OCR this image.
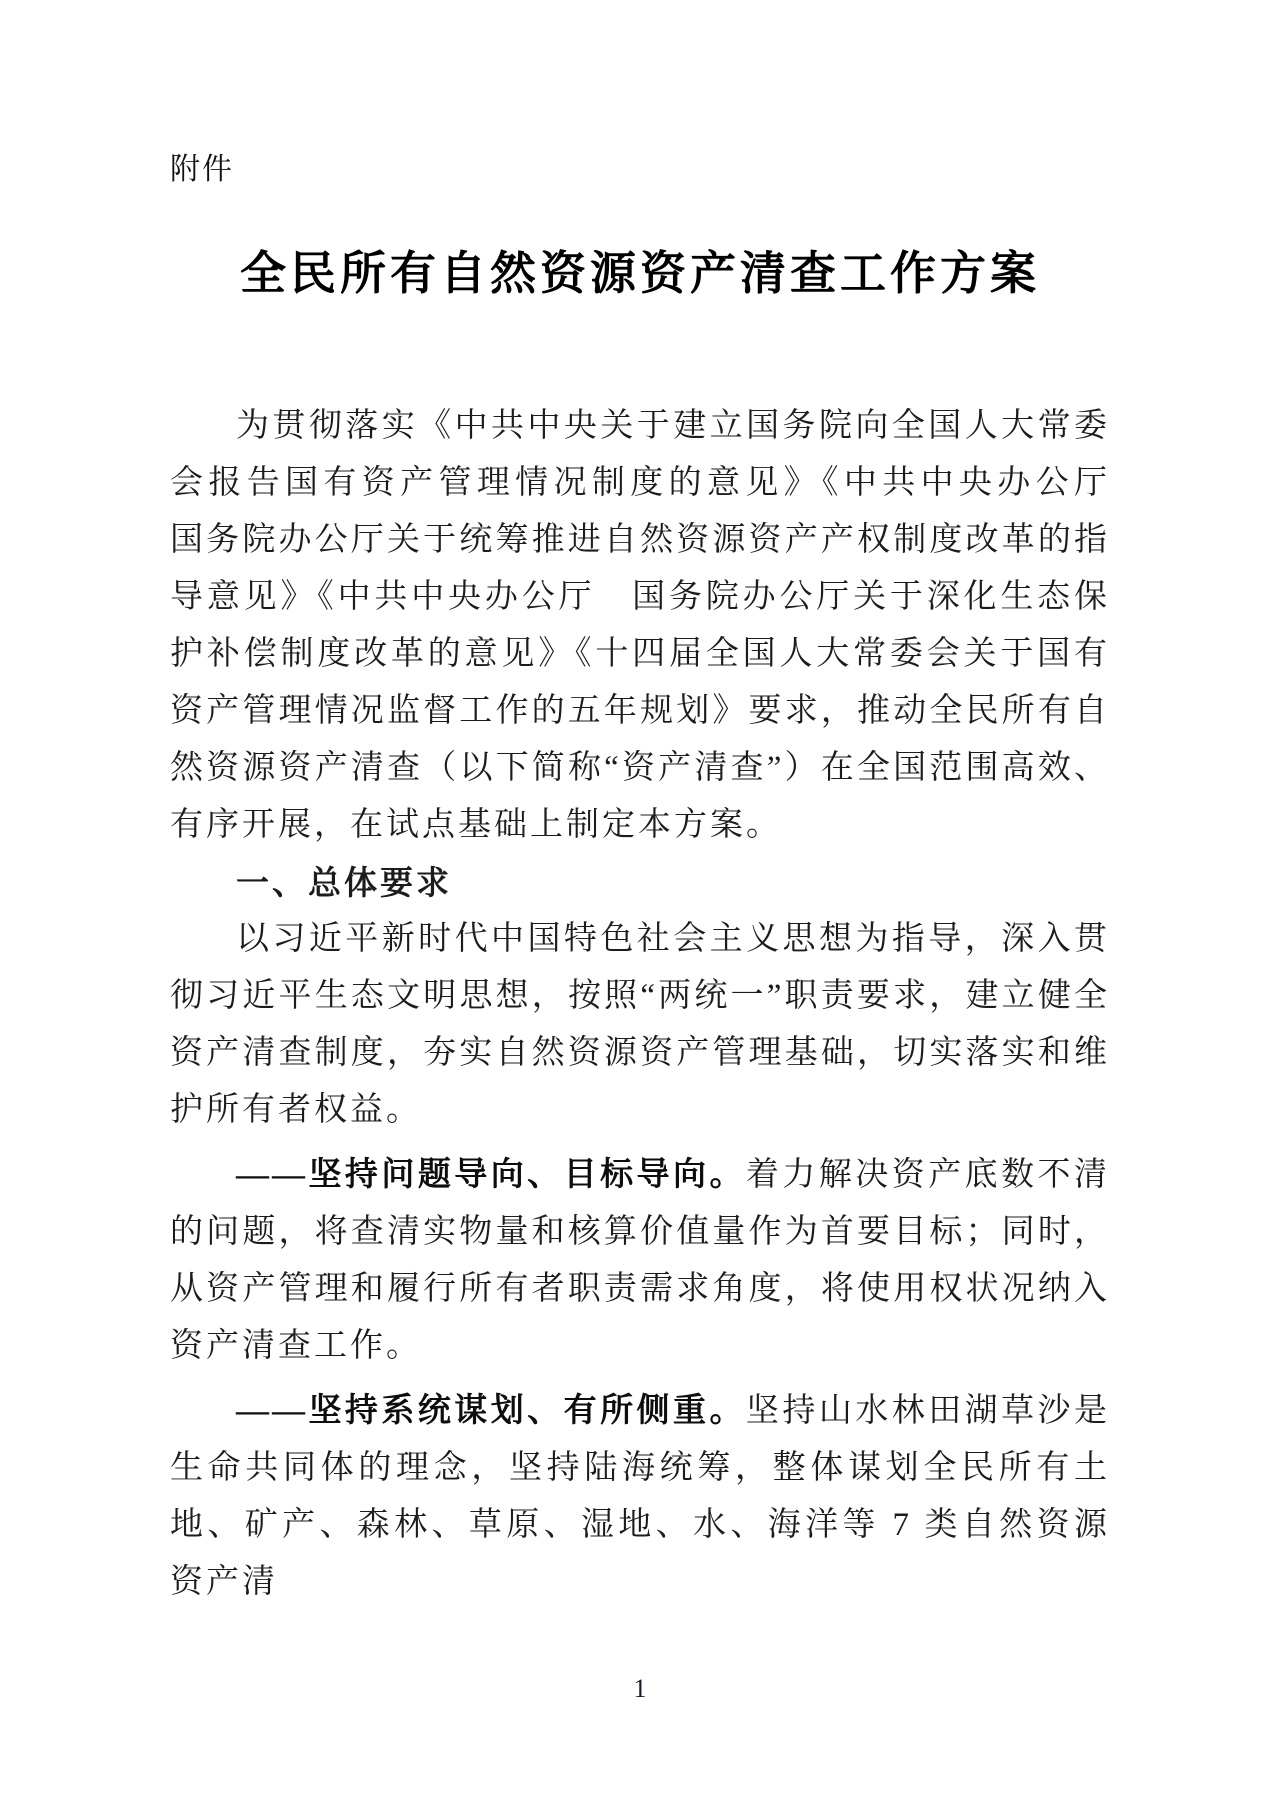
附件
全民所有自然资源资产清查工作方案

为贯彻落实《中共中央关于建立国务院向全国人大常委会报告国有资产管理情况制度的意见》《中共中央办公厅　国务院办公厅关于统筹推进自然资源资产产权制度改革的指导意见》《中共中央办公厅　国务院办公厅关于深化生态保护补偿制度改革的意见》《十四届全国人大常委会关于国有资产管理情况监督工作的五年规划》要求，推动全民所有自然资源资产清查（以下简称“资产清查”）在全国范围高效、有序开展，在试点基础上制定本方案。

一、总体要求

以习近平新时代中国特色社会主义思想为指导，深入贯彻习近平生态文明思想，按照“两统一”职责要求，建立健全资产清查制度，夯实自然资源资产管理基础，切实落实和维护所有者权益。

——坚持问题导向、目标导向。着力解决资产底数不清的问题，将查清实物量和核算价值量作为首要目标；同时，从资产管理和履行所有者职责需求角度，将使用权状况纳入资产清查工作。

——坚持系统谋划、有所侧重。坚持山水林田湖草沙是生命共同体的理念，坚持陆海统筹，整体谋划全民所有土地、矿产、森林、草原、湿地、水、海洋等 7 类自然资源资产清

1
